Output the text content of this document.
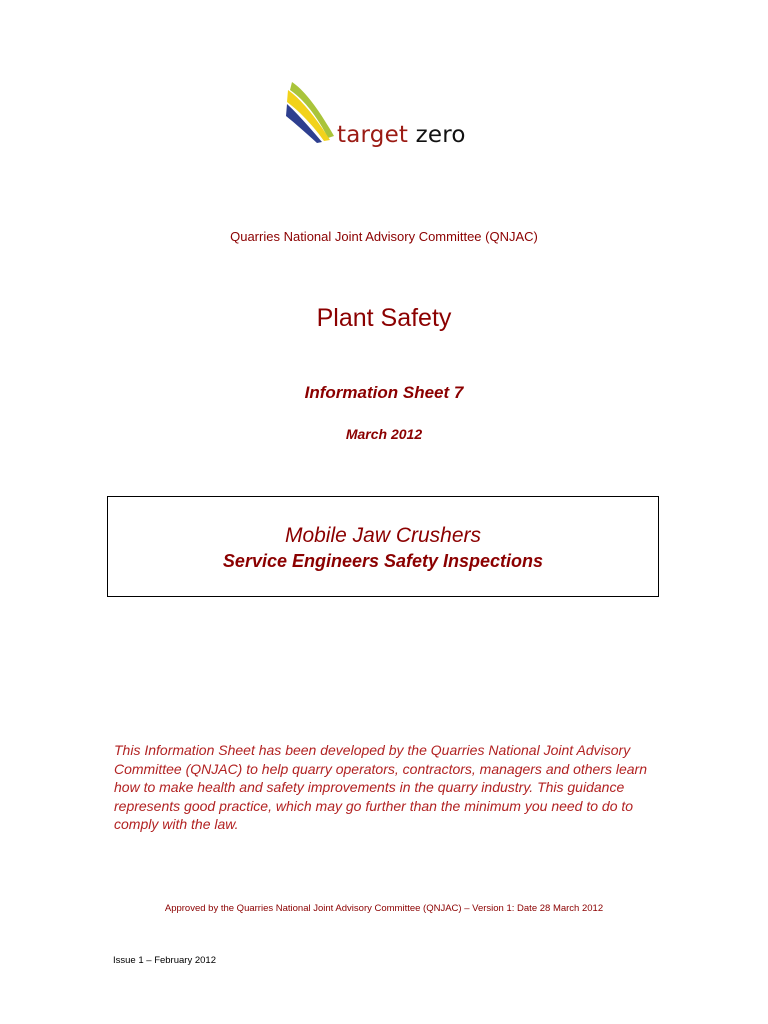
target zero
Quarries National Joint Advisory Committee (QNJAC)
Plant Safety
Information Sheet 7
March 2012
Mobile Jaw Crushers
Service Engineers Safety Inspections
This Information Sheet has been developed by the Quarries National Joint Advisory Committee (QNJAC) to help quarry operators, contractors, managers and others learn how to make health and safety improvements in the quarry industry. This guidance represents good practice, which may go further than the minimum you need to do to comply with the law.
Approved by the Quarries National Joint Advisory Committee (QNJAC) – Version 1: Date 28 March 2012
Issue 1 – February 2012
